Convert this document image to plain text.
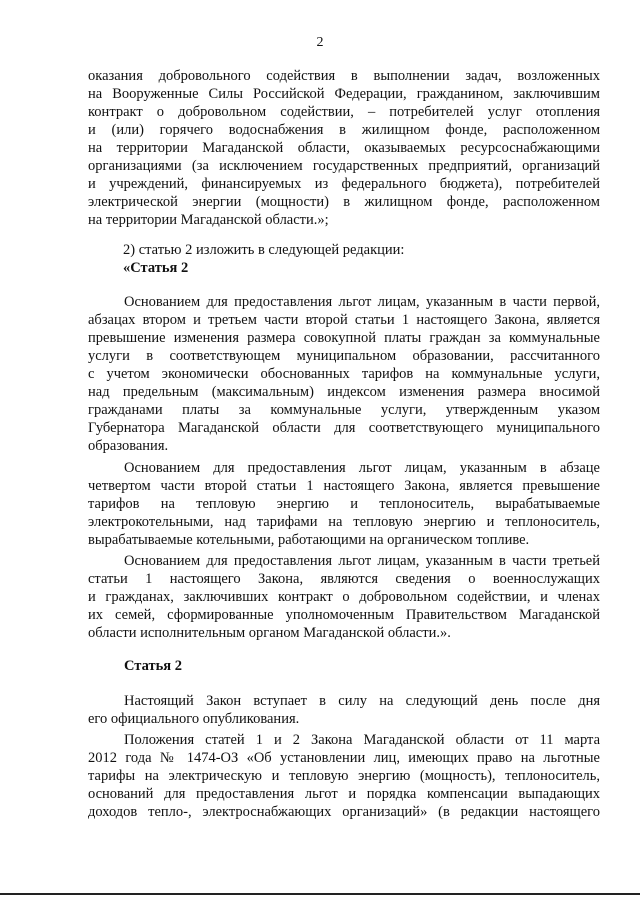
2
оказания добровольного содействия в выполнении задач, возложенных
на Вооруженные Силы Российской Федерации, гражданином, заключившим
контракт о добровольном содействии, – потребителей услуг отопления
и (или) горячего водоснабжения в жилищном фонде, расположенном
на территории Магаданской области, оказываемых ресурсоснабжающими
организациями (за исключением государственных предприятий, организаций
и учреждений, финансируемых из федерального бюджета), потребителей
электрической энергии (мощности) в жилищном фонде, расположенном
на территории Магаданской области.»;
2) статью 2 изложить в следующей редакции:
«Статья 2
Основанием для предоставления льгот лицам, указанным в части первой,
абзацах втором и третьем части второй статьи 1 настоящего Закона, является
превышение изменения размера совокупной платы граждан за коммунальные
услуги в соответствующем муниципальном образовании, рассчитанного
с учетом экономически обоснованных тарифов на коммунальные услуги,
над предельным (максимальным) индексом изменения размера вносимой
гражданами платы за коммунальные услуги, утвержденным указом
Губернатора Магаданской области для соответствующего муниципального
образования.
Основанием для предоставления льгот лицам, указанным в абзаце
четвертом части второй статьи 1 настоящего Закона, является превышение
тарифов на тепловую энергию и теплоноситель, вырабатываемые
электрокотельными, над тарифами на тепловую энергию и теплоноситель,
вырабатываемые котельными, работающими на органическом топливе.
Основанием для предоставления льгот лицам, указанным в части третьей
статьи 1 настоящего Закона, являются сведения о военнослужащих
и гражданах, заключивших контракт о добровольном содействии, и членах
их семей, сформированные уполномоченным Правительством Магаданской
области исполнительным органом Магаданской области.».
Статья 2
Настоящий Закон вступает в силу на следующий день после дня
его официального опубликования.
Положения статей 1 и 2 Закона Магаданской области от 11 марта
2012 года № 1474-ОЗ «Об установлении лиц, имеющих право на льготные
тарифы на электрическую и тепловую энергию (мощность), теплоноситель,
оснований для предоставления льгот и порядка компенсации выпадающих
доходов тепло-, электроснабжающих организаций» (в редакции настоящего
